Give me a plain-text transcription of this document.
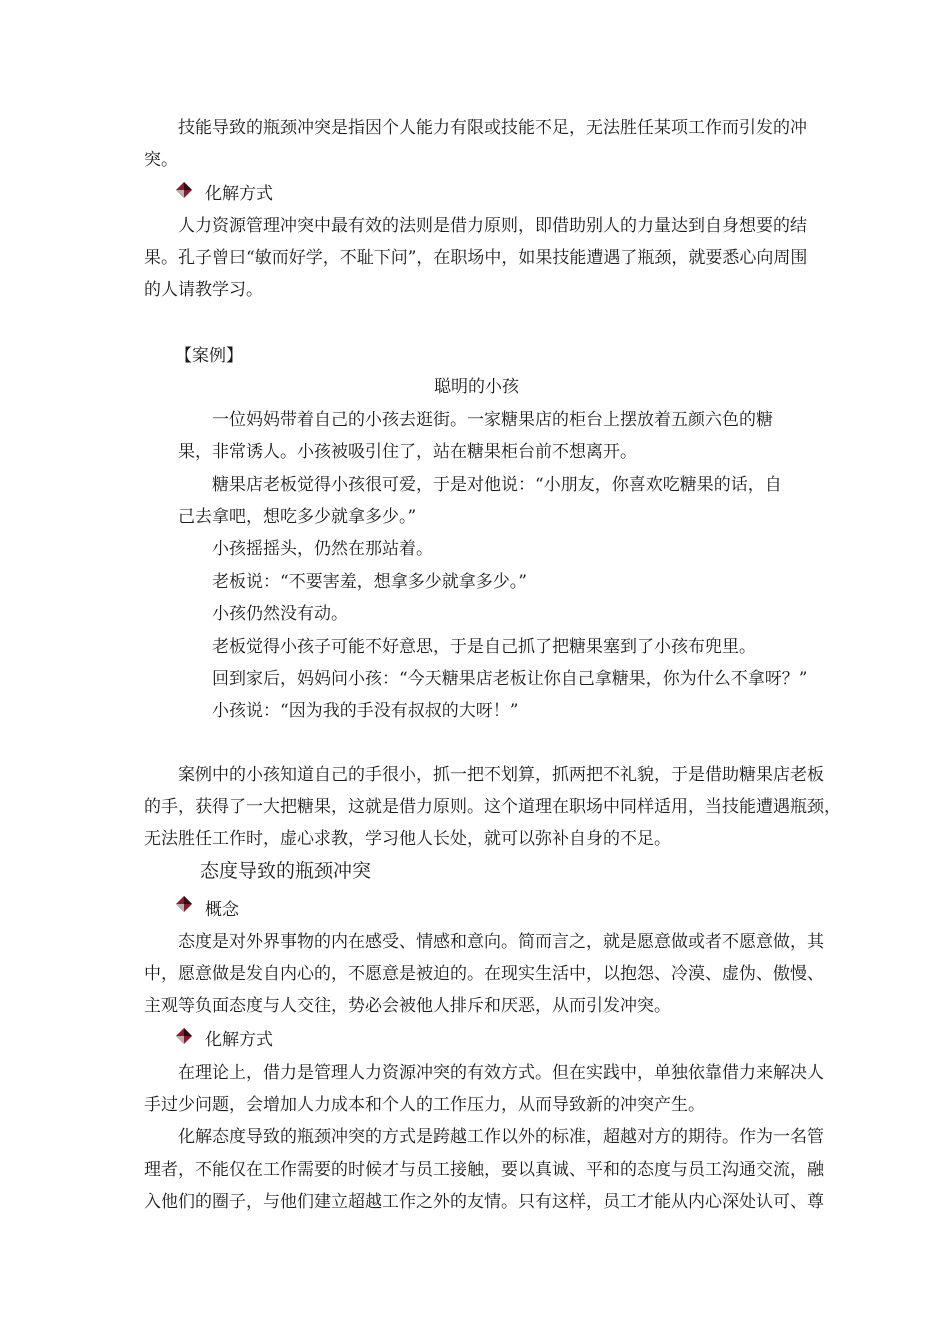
技能导致的瓶颈冲突是指因个人能力有限或技能不足，无法胜任某项工作而引发的冲
突。
化解方式
人力资源管理冲突中最有效的法则是借力原则，即借助别人的力量达到自身想要的结
果。孔子曾曰“敏而好学，不耻下问”，在职场中，如果技能遭遇了瓶颈，就要悉心向周围
的人请教学习。
【案例】
聪明的小孩
一位妈妈带着自己的小孩去逛街。一家糖果店的柜台上摆放着五颜六色的糖
果，非常诱人。小孩被吸引住了，站在糖果柜台前不想离开。
糖果店老板觉得小孩很可爱，于是对他说：“小朋友，你喜欢吃糖果的话，自
己去拿吧，想吃多少就拿多少。”
小孩摇摇头，仍然在那站着。
老板说：“不要害羞，想拿多少就拿多少。”
小孩仍然没有动。
老板觉得小孩子可能不好意思，于是自己抓了把糖果塞到了小孩布兜里。
回到家后，妈妈问小孩：“今天糖果店老板让你自己拿糖果，你为什么不拿呀？”
小孩说：“因为我的手没有叔叔的大呀！”
案例中的小孩知道自己的手很小，抓一把不划算，抓两把不礼貌，于是借助糖果店老板
的手，获得了一大把糖果，这就是借力原则。这个道理在职场中同样适用，当技能遭遇瓶颈，
无法胜任工作时，虚心求教，学习他人长处，就可以弥补自身的不足。
态度导致的瓶颈冲突
概念
态度是对外界事物的内在感受、情感和意向。简而言之，就是愿意做或者不愿意做，其
中，愿意做是发自内心的，不愿意是被迫的。在现实生活中，以抱怨、冷漠、虚伪、傲慢、
主观等负面态度与人交往，势必会被他人排斥和厌恶，从而引发冲突。
化解方式
在理论上，借力是管理人力资源冲突的有效方式。但在实践中，单独依靠借力来解决人
手过少问题，会增加人力成本和个人的工作压力，从而导致新的冲突产生。
化解态度导致的瓶颈冲突的方式是跨越工作以外的标准，超越对方的期待。作为一名管
理者，不能仅在工作需要的时候才与员工接触，要以真诚、平和的态度与员工沟通交流，融
入他们的圈子，与他们建立超越工作之外的友情。只有这样，员工才能从内心深处认可、尊
